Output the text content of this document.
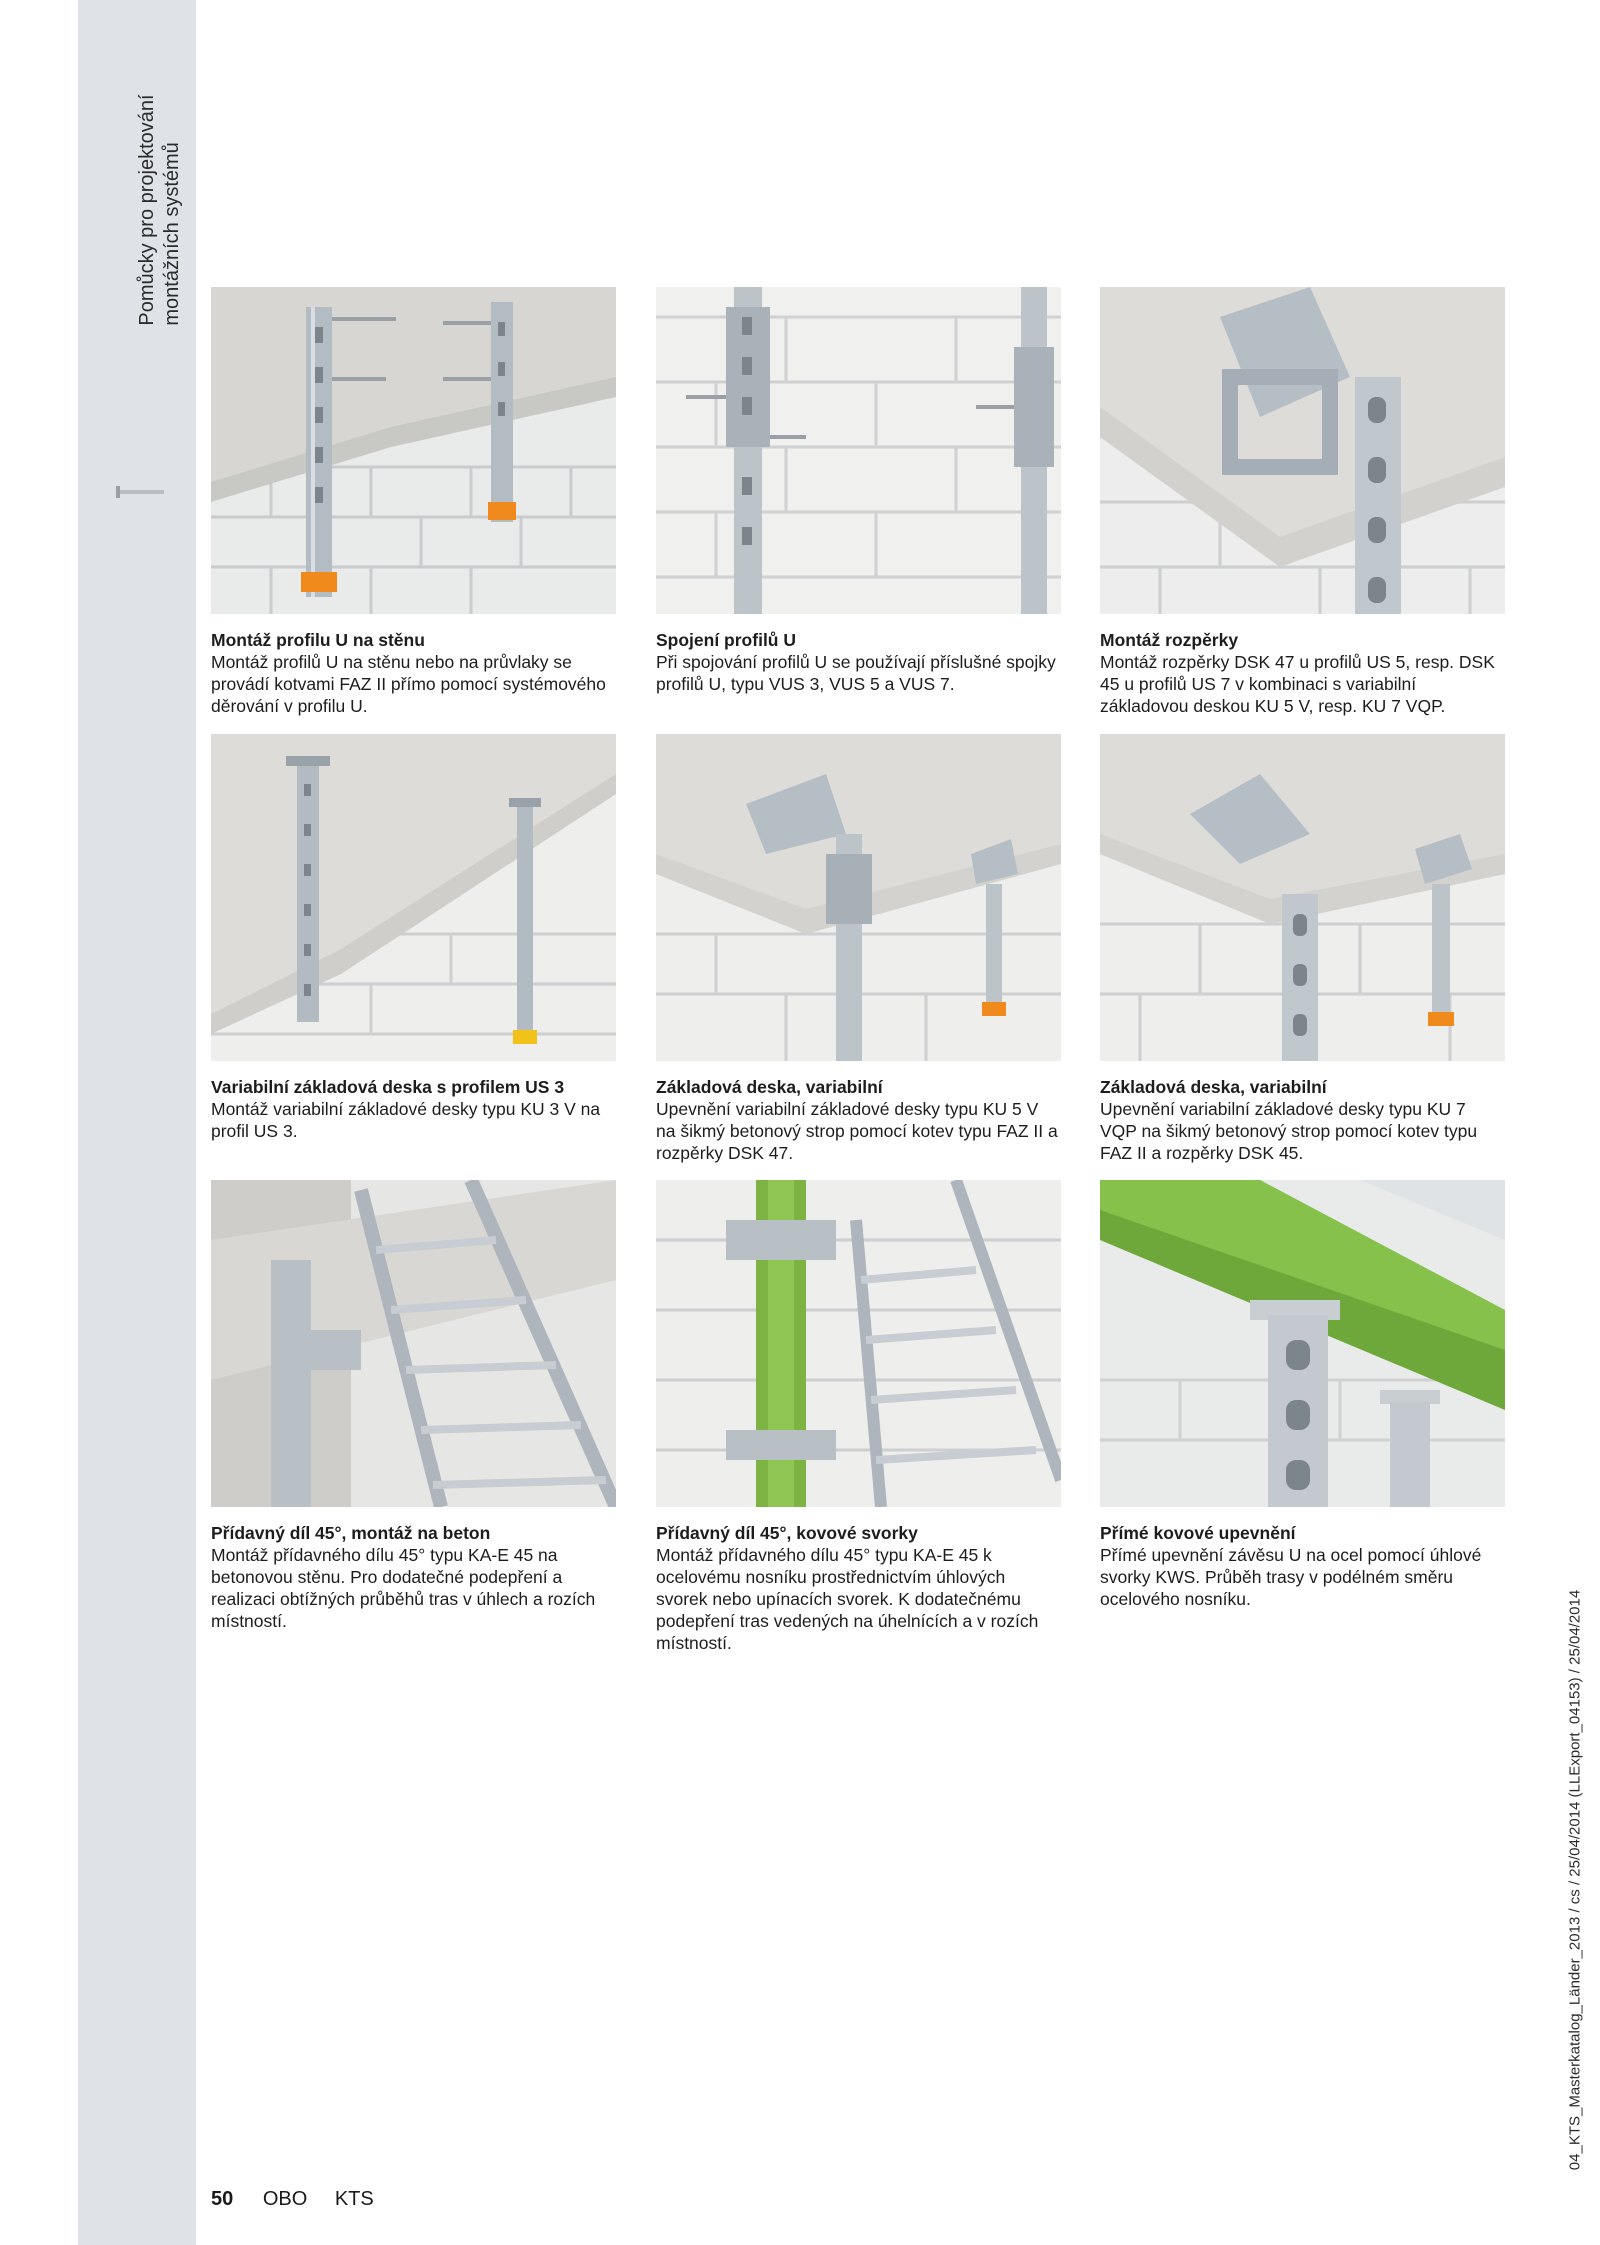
Pomůcky pro projektování montážních systémů
Montáž profilu U na stěnu
Montáž profilů U na stěnu nebo na průvlaky se provádí kotvami FAZ II přímo pomocí systémového děrování v profilu U.
Spojení profilů U
Při spojování profilů U se používají příslušné spojky profilů U, typu VUS 3, VUS 5 a VUS 7.
Montáž rozpěrky
Montáž rozpěrky DSK 47 u profilů US 5, resp. DSK 45 u profilů US 7 v kombinaci s variabilní základovou deskou KU 5 V, resp. KU 7 VQP.
Variabilní základová deska s profilem US 3
Montáž variabilní základové desky typu KU 3 V na profil US 3.
Základová deska, variabilní
Upevnění variabilní základové desky typu KU 5 V na šikmý betonový strop pomocí kotev typu FAZ II a rozpěrky DSK 47.
Základová deska, variabilní
Upevnění variabilní základové desky typu KU 7 VQP na šikmý betonový strop pomocí kotev typu FAZ II a rozpěrky DSK 45.
Přídavný díl 45°, montáž na beton
Montáž přídavného dílu 45° typu KA-E 45 na betonovou stěnu. Pro dodatečné podepření a realizaci obtížných průběhů tras v úhlech a rozích místností.
Přídavný díl 45°, kovové svorky
Montáž přídavného dílu 45° typu KA-E 45 k ocelovému nosníku prostřednictvím úhlových svorek nebo upínacích svorek. K dodatečnému podepření tras vedených na úhelnících a v rozích místností.
Přímé kovové upevnění
Přímé upevnění závěsu U na ocel pomocí úhlové svorky KWS. Průběh trasy v podélném směru ocelového nosníku.
50 OBO KTS
04_KTS_Masterkatalog_Länder_2013 / cs / 25/04/2014 (LLExport_04153) / 25/04/2014
